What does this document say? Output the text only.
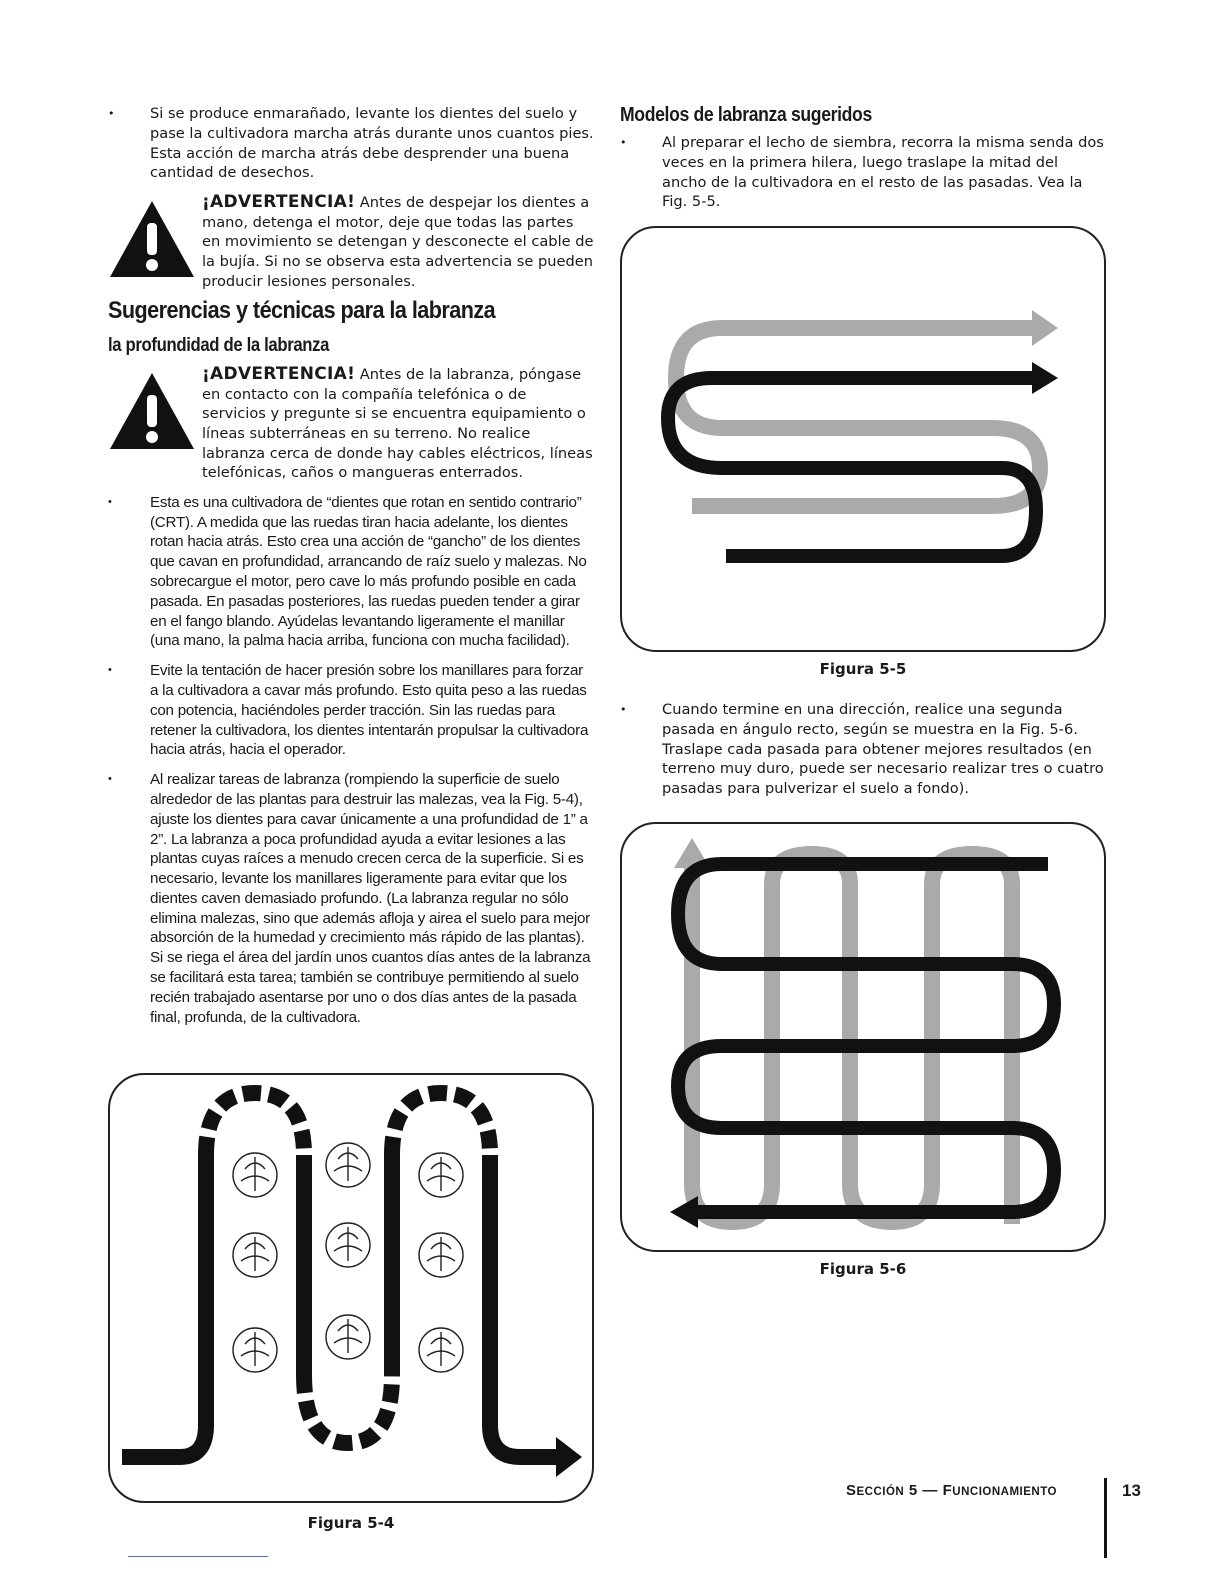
• Si se produce enmarañado, levante los dientes del suelo y pase la cultivadora marcha atrás durante unos cuantos pies. Esta acción de marcha atrás debe desprender una buena cantidad de desechos.

¡ADVERTENCIA! Antes de despejar los dientes a mano, detenga el motor, deje que todas las partes en movimiento se detengan y desconecte el cable de la bujía. Si no se observa esta advertencia se pueden producir lesiones personales.
Sugerencias y técnicas para la labranza
la profundidad de la labranza
¡ADVERTENCIA! Antes de la labranza, póngase en contacto con la compañía telefónica o de servicios y pregunte si se encuentra equipamiento o líneas subterráneas en su terreno. No realice labranza cerca de donde hay cables eléctricos, líneas telefónicas, caños o mangueras enterrados.

• Esta es una cultivadora de “dientes que rotan en sentido contrario” (CRT). A medida que las ruedas tiran hacia adelante, los dientes rotan hacia atrás. Esto crea una acción de “gancho” de los dientes que cavan en profundidad, arrancando de raíz suelo y malezas. No sobrecargue el motor, pero cave lo más profundo posible en cada pasada. En pasadas posteriores, las ruedas pueden tender a girar en el fango blando. Ayúdelas levantando ligeramente el manillar (una mano, la palma hacia arriba, funciona con mucha facilidad).

• Evite la tentación de hacer presión sobre los manillares para forzar a la cultivadora a cavar más profundo. Esto quita peso a las ruedas con potencia, haciéndoles perder tracción. Sin las ruedas para retener la cultivadora, los dientes intentarán propulsar la cultivadora hacia atrás, hacia el operador.

• Al realizar tareas de labranza (rompiendo la superficie de suelo alrededor de las plantas para destruir las malezas, vea la Fig. 5-4), ajuste los dientes para cavar únicamente a una profundidad de 1” a 2”. La labranza a poca profundidad ayuda a evitar lesiones a las plantas cuyas raíces a menudo crecen cerca de la superficie. Si es necesario, levante los manillares ligeramente para evitar que los dientes caven demasiado profundo. (La labranza regular no sólo elimina malezas, sino que además afloja y airea el suelo para mejor absorción de la humedad y crecimiento más rápido de las plantas). Si se riega el área del jardín unos cuantos días antes de la labranza se facilitará esta tarea; también se contribuye permitiendo al suelo recién trabajado asentarse por uno o dos días antes de la pasada final, profunda, de la cultivadora.

Figura 5-4
Modelos de labranza sugeridos

• Al preparar el lecho de siembra, recorra la misma senda dos veces en la primera hilera, luego traslape la mitad del ancho de la cultivadora en el resto de las pasadas. Vea la Fig. 5-5.

Figura 5-5

• Cuando termine en una dirección, realice una segunda pasada en ángulo recto, según se muestra en la Fig. 5-6. Traslape cada pasada para obtener mejores resultados (en terreno muy duro, puede ser necesario realizar tres o cuatro pasadas para pulverizar el suelo a fondo).

Figura 5-6
SECCIÓN 5 — FUNCIONAMIENTO	13
